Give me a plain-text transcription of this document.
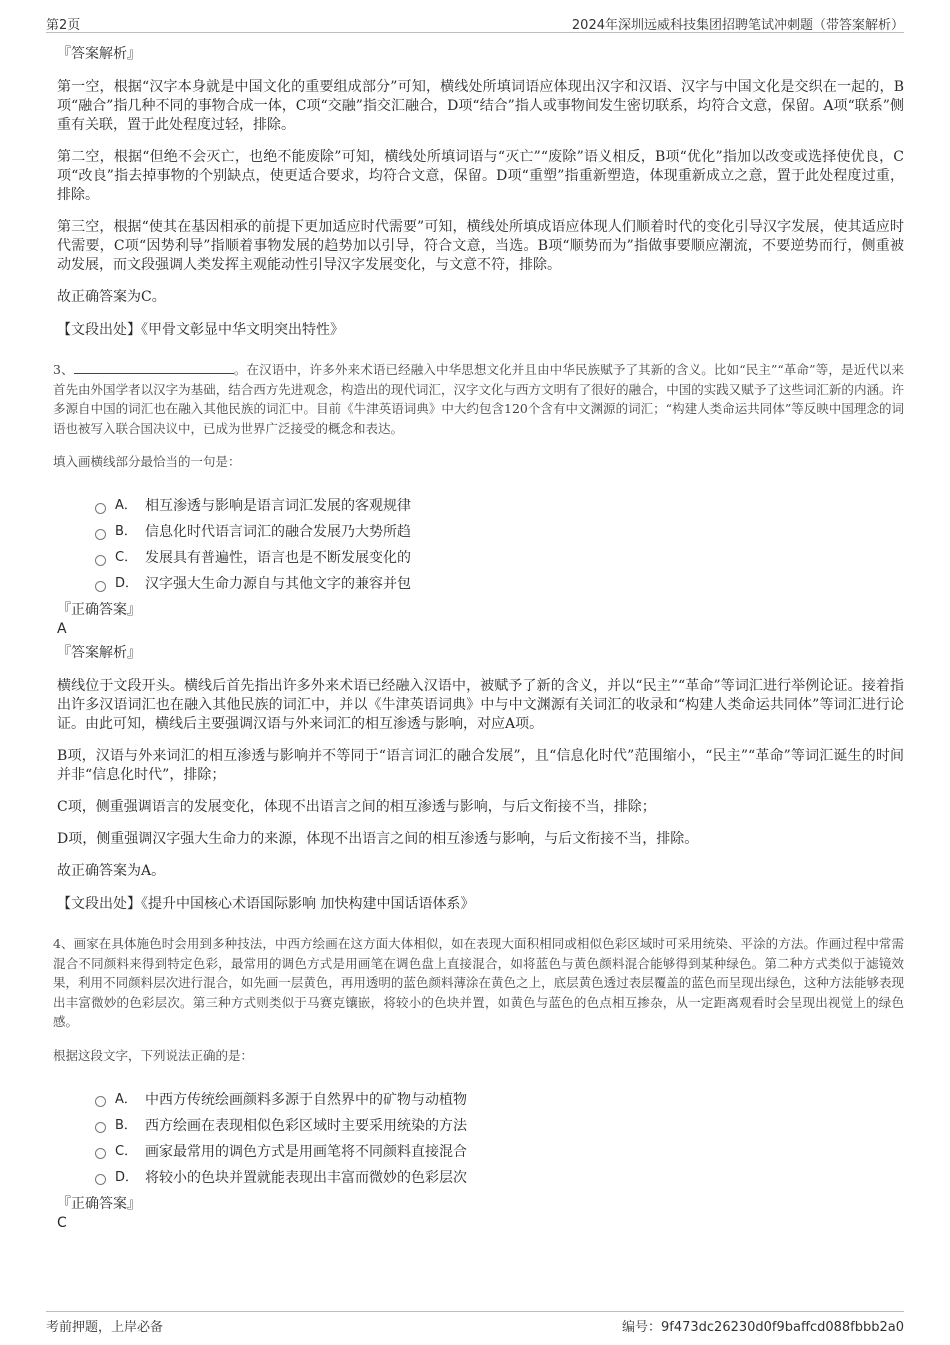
第2页	2024年深圳远威科技集团招聘笔试冲刺题（带答案解析）

『答案解析』

第一空，根据“汉字本身就是中国文化的重要组成部分”可知，横线处所填词语应体现出汉字和汉语、汉字与中国文化是交织在一起的，B项“融合”指几种不同的事物合成一体，C项“交融”指交汇融合，D项“结合”指人或事物间发生密切联系，均符合文意，保留。A项“联系”侧重有关联，置于此处程度过轻，排除。

第二空，根据“但绝不会灭亡，也绝不能废除”可知，横线处所填词语与“灭亡”“废除”语义相反，B项“优化”指加以改变或选择使优良，C项“改良”指去掉事物的个别缺点，使更适合要求，均符合文意，保留。D项“重塑”指重新塑造，体现重新成立之意，置于此处程度过重，排除。

第三空，根据“使其在基因相承的前提下更加适应时代需要”可知，横线处所填成语应体现人们顺着时代的变化引导汉字发展，使其适应时代需要，C项“因势利导”指顺着事物发展的趋势加以引导，符合文意，当选。B项“顺势而为”指做事要顺应潮流，不要逆势而行，侧重被动发展，而文段强调人类发挥主观能动性引导汉字发展变化，与文意不符，排除。

故正确答案为C。

【文段出处】《甲骨文彰显中华文明突出特性》

3、	。在汉语中，许多外来术语已经融入中华思想文化并且由中华民族赋予了其新的含义。比如“民主”“革命”等，是近代以来首先由外国学者以汉字为基础，结合西方先进观念，构造出的现代词汇，汉字文化与西方文明有了很好的融合，中国的实践又赋予了这些词汇新的内涵。许多源自中国的词汇也在融入其他民族的词汇中。目前《牛津英语词典》中大约包含120个含有中文渊源的词汇；“构建人类命运共同体”等反映中国理念的词语也被写入联合国决议中，已成为世界广泛接受的概念和表达。

填入画横线部分最恰当的一句是：

A． 相互渗透与影响是语言词汇发展的客观规律
B． 信息化时代语言词汇的融合发展乃大势所趋
C． 发展具有普遍性，语言也是不断发展变化的
D． 汉字强大生命力源自与其他文字的兼容并包

『正确答案』

A

『答案解析』

横线位于文段开头。横线后首先指出许多外来术语已经融入汉语中，被赋予了新的含义，并以“民主”“革命”等词汇进行举例论证。接着指出许多汉语词汇也在融入其他民族的词汇中，并以《牛津英语词典》中与中文渊源有关词汇的收录和“构建人类命运共同体”等词汇进行论证。由此可知，横线后主要强调汉语与外来词汇的相互渗透与影响，对应A项。

B项，汉语与外来词汇的相互渗透与影响并不等同于“语言词汇的融合发展”，且“信息化时代”范围缩小，“民主”“革命”等词汇诞生的时间并非“信息化时代”，排除；

C项，侧重强调语言的发展变化，体现不出语言之间的相互渗透与影响，与后文衔接不当，排除；

D项，侧重强调汉字强大生命力的来源，体现不出语言之间的相互渗透与影响，与后文衔接不当，排除。

故正确答案为A。

【文段出处】《提升中国核心术语国际影响 加快构建中国话语体系》

4、画家在具体施色时会用到多种技法，中西方绘画在这方面大体相似，如在表现大面积相同或相似色彩区域时可采用统染、平涂的方法。作画过程中常需混合不同颜料来得到特定色彩，最常用的调色方式是用画笔在调色盘上直接混合，如将蓝色与黄色颜料混合能够得到某种绿色。第二种方式类似于滤镜效果，利用不同颜料层次进行混合，如先画一层黄色，再用透明的蓝色颜料薄涂在黄色之上，底层黄色透过表层覆盖的蓝色而呈现出绿色，这种方法能够表现出丰富微妙的色彩层次。第三种方式则类似于马赛克镶嵌，将较小的色块并置，如黄色与蓝色的色点相互掺杂，从一定距离观看时会呈现出视觉上的绿色感。

根据这段文字，下列说法正确的是：

A． 中西方传统绘画颜料多源于自然界中的矿物与动植物
B． 西方绘画在表现相似色彩区域时主要采用统染的方法
C． 画家最常用的调色方式是用画笔将不同颜料直接混合
D． 将较小的色块并置就能表现出丰富而微妙的色彩层次

『正确答案』

C

考前押题，上岸必备	编号：9f473dc26230d0f9baffcd088fbbb2a0
